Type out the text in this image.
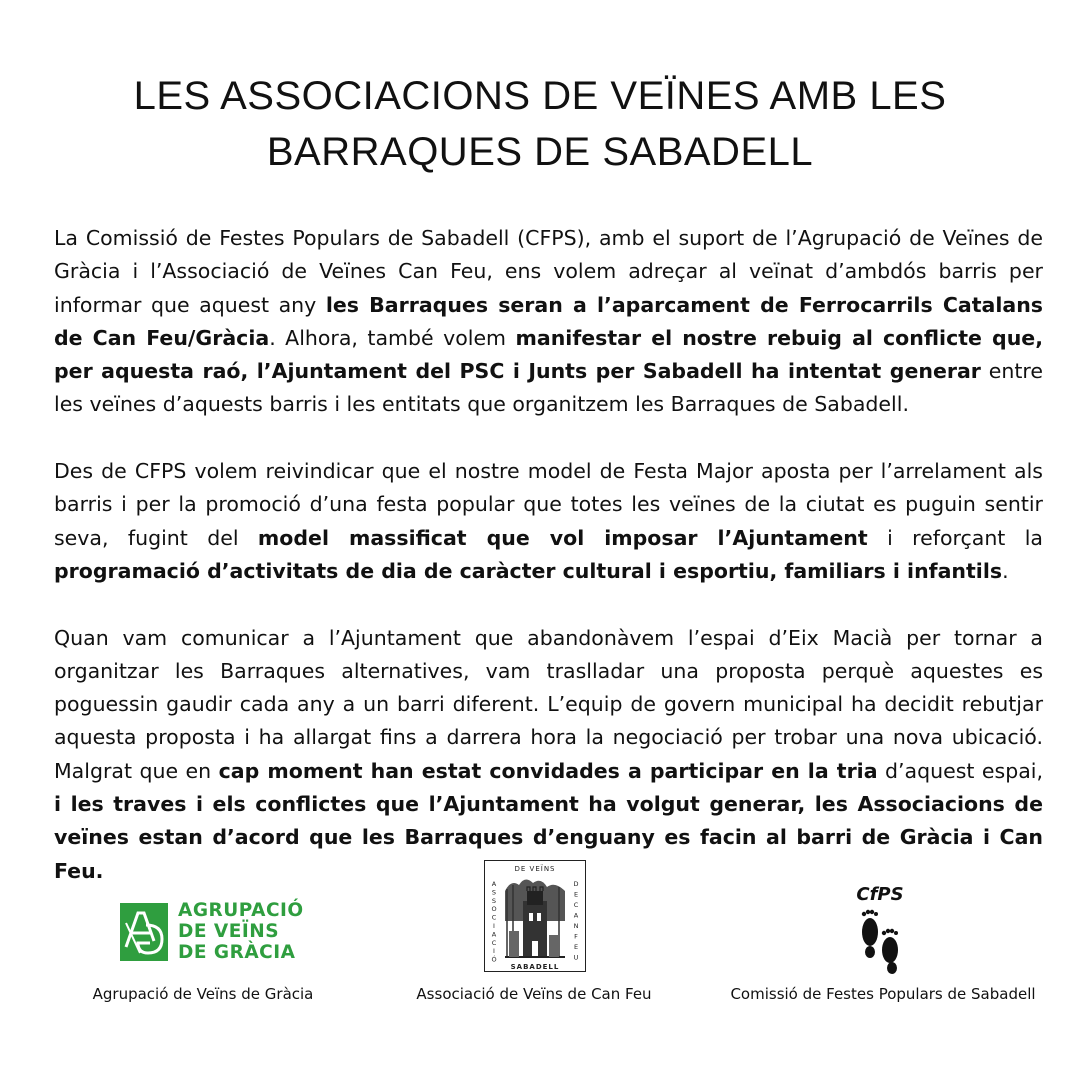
LES ASSOCIACIONS DE VEÏNES AMB LES BARRAQUES DE SABADELL

La Comissió de Festes Populars de Sabadell (CFPS), amb el suport de l’Agrupació de Veïnes de Gràcia i l’Associació de Veïnes Can Feu, ens volem adreçar al veïnat d’ambdós barris per informar que aquest any les Barraques seran a l’aparcament de Ferrocarrils Catalans de Can Feu/Gràcia. Alhora, també volem manifestar el nostre rebuig al conflicte que, per aquesta raó, l’Ajuntament del PSC i Junts per Sabadell ha intentat generar entre les veïnes d’aquests barris i les entitats que organitzem les Barraques de Sabadell.

Des de CFPS volem reivindicar que el nostre model de Festa Major aposta per l’arrelament als barris i per la promoció d’una festa popular que totes les veïnes de la ciutat es puguin sentir seva, fugint del model massificat que vol imposar l’Ajuntament i reforçant la programació d’activitats de dia de caràcter cultural i esportiu, familiars i infantils.

Quan vam comunicar a l’Ajuntament que abandonàvem l’espai d’Eix Macià per tornar a organitzar les Barraques alternatives, vam traslladar una proposta perquè aquestes es poguessin gaudir cada any a un barri diferent. L’equip de govern municipal ha decidit rebutjar aquesta proposta i ha allargat fins a darrera hora la negociació per trobar una nova ubicació. Malgrat que en cap moment han estat convidades a participar en la tria d’aquest espai, i les traves i els conflictes que l’Ajuntament ha volgut generar, les Associacions de veïnes estan d’acord que les Barraques d’enguany es facin al barri de Gràcia i Can Feu.

AGRUPACIÓ
DE VEÏNS
DE GRÀCIA
Agrupació de Veïns de Gràcia
DE VEÏNS
SABADELL
A
S
S
O
C
I
A
C
I
Ó
D
E
C
A
N
F
E
U
Associació de Veïns de Can Feu
CfPS
Comissió de Festes Populars de Sabadell
